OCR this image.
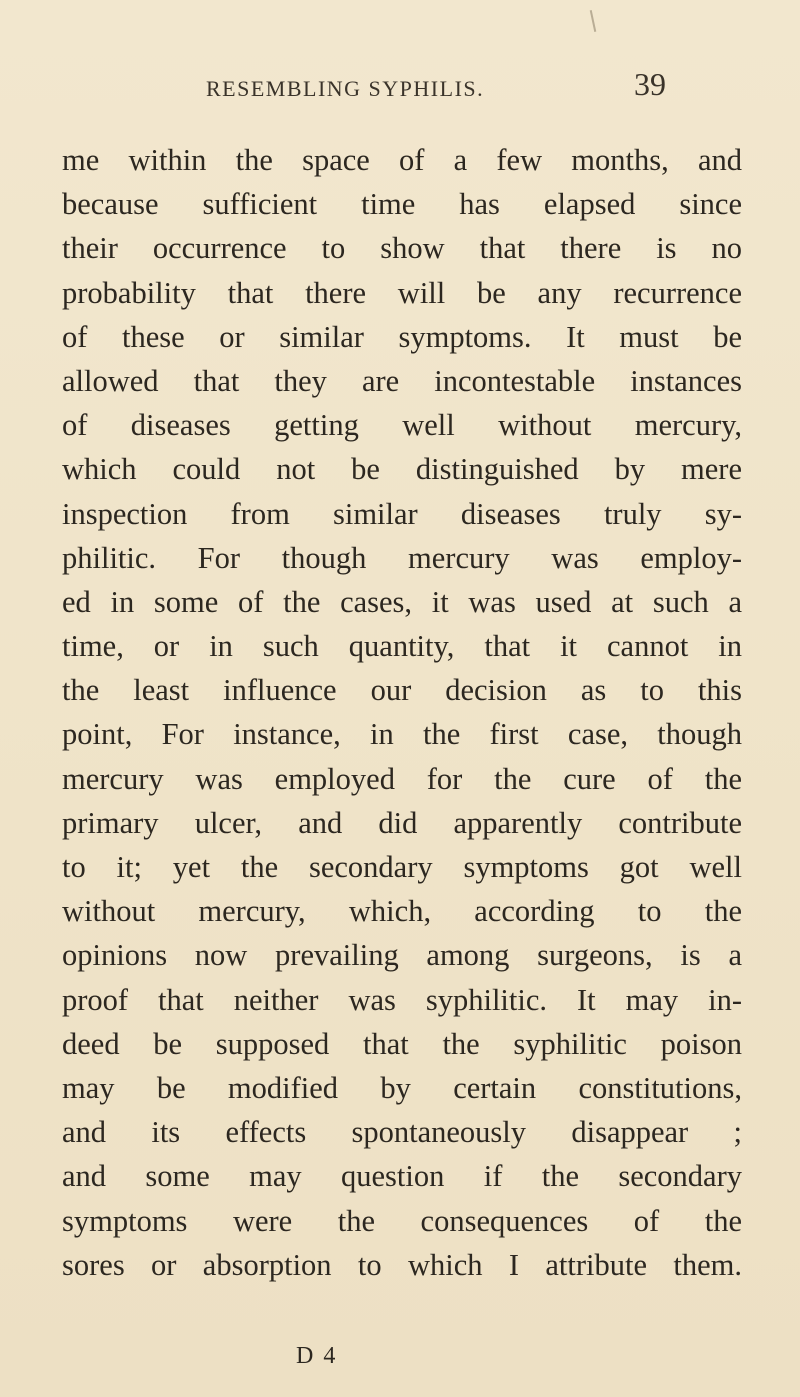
RESEMBLING SYPHILIS.	39
me within the space of a few months, and
because sufficient time has elapsed since
their occurrence to show that there is no
probability that there will be any recurrence
of these or similar symptoms. It must be
allowed that they are incontestable instances
of diseases getting well without mercury,
which could not be distinguished by mere
inspection from similar diseases truly sy-
philitic. For though mercury was employ-
ed in some of the cases, it was used at such a
time, or in such quantity, that it cannot in
the least influence our decision as to this
point, For instance, in the first case, though
mercury was employed for the cure of the
primary ulcer, and did apparently contribute
to it; yet the secondary symptoms got well
without mercury, which, according to the
opinions now prevailing among surgeons, is a
proof that neither was syphilitic. It may in-
deed be supposed that the syphilitic poison
may be modified by certain constitutions,
and its effects spontaneously disappear ;
and some may question if the secondary
symptoms were the consequences of the
sores or absorption to which I attribute them.
D 4
